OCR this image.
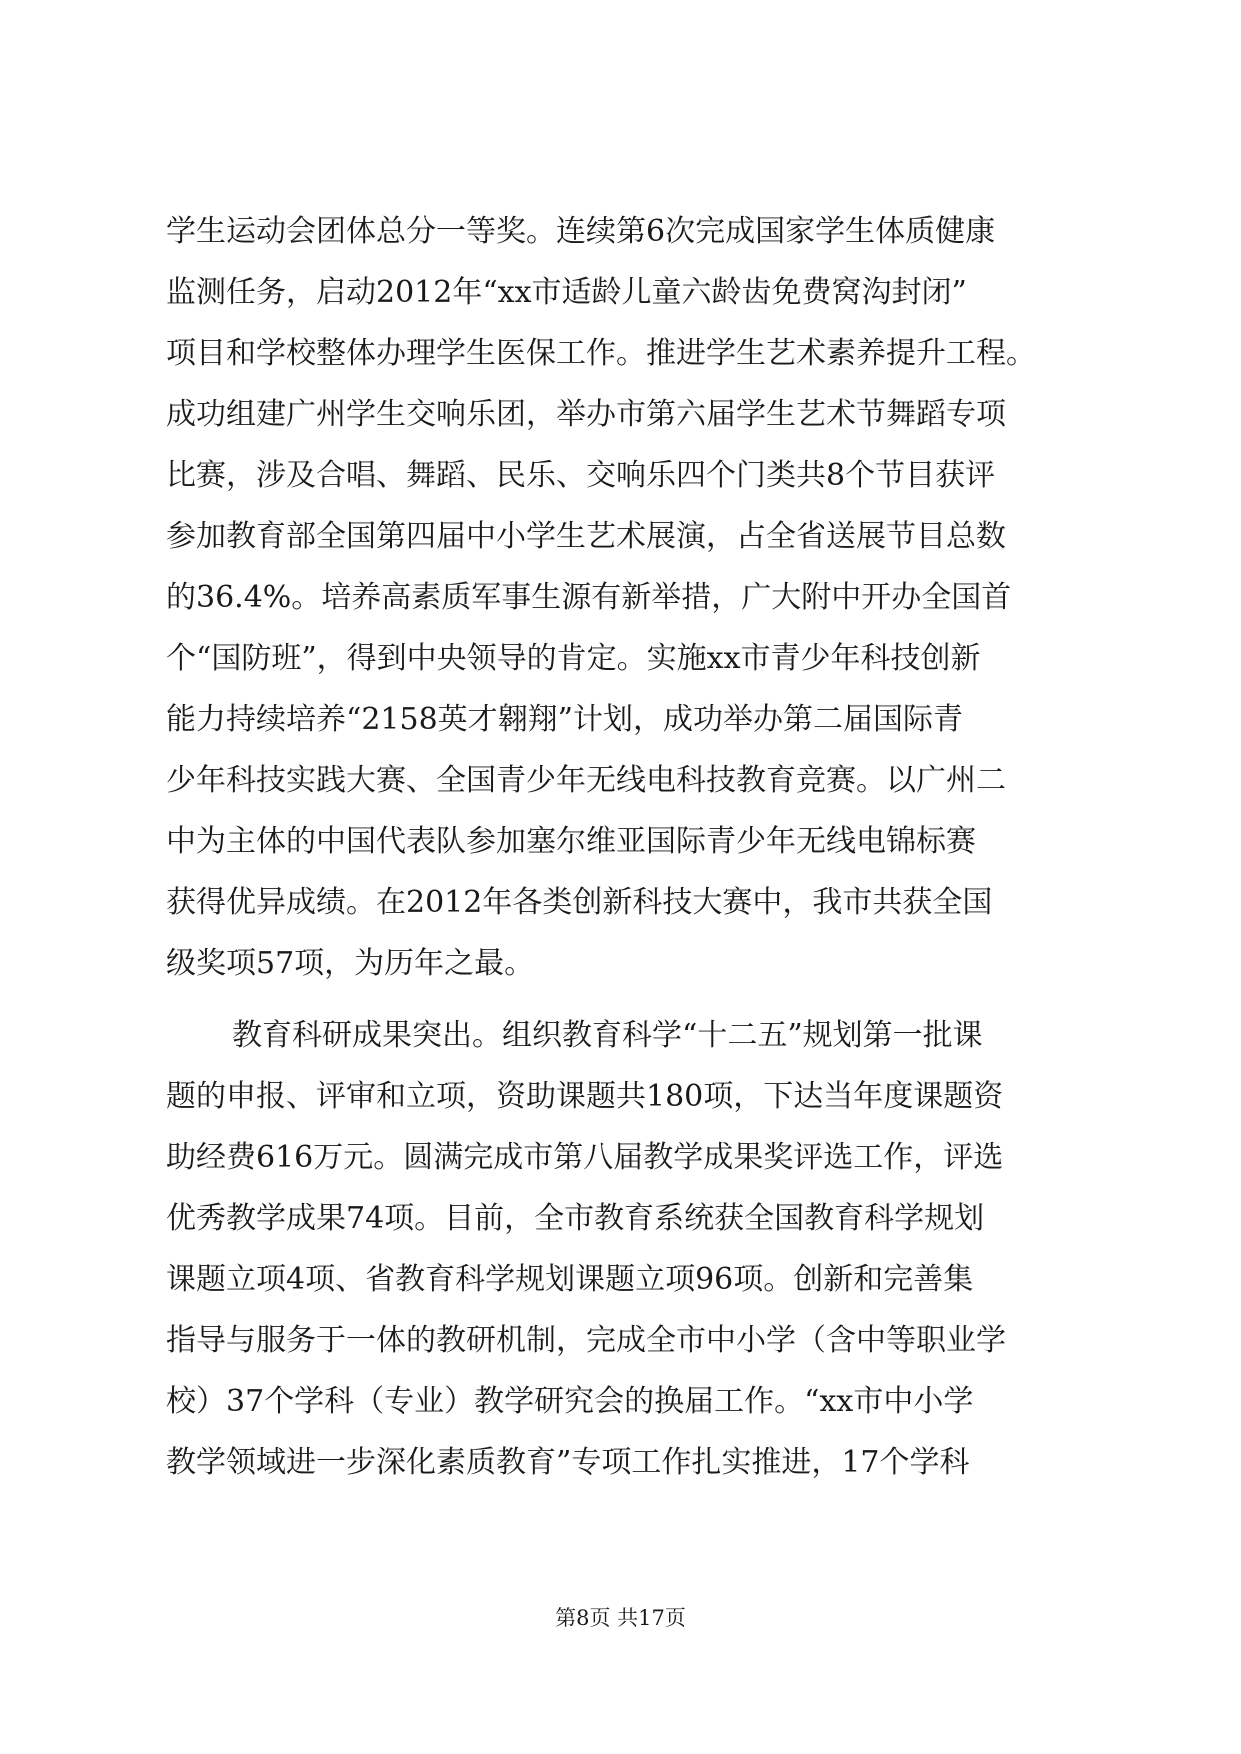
学生运动会团体总分一等奖。连续第6次完成国家学生体质健康
监测任务，启动2012年“xx市适龄儿童六龄齿免费窝沟封闭”
项目和学校整体办理学生医保工作。推进学生艺术素养提升工程。
成功组建广州学生交响乐团，举办市第六届学生艺术节舞蹈专项
比赛，涉及合唱、舞蹈、民乐、交响乐四个门类共8个节目获评
参加教育部全国第四届中小学生艺术展演，占全省送展节目总数
的36.4%。培养高素质军事生源有新举措，广大附中开办全国首
个“国防班”，得到中央领导的肯定。实施xx市青少年科技创新
能力持续培养“2158英才翱翔”计划，成功举办第二届国际青
少年科技实践大赛、全国青少年无线电科技教育竞赛。以广州二
中为主体的中国代表队参加塞尔维亚国际青少年无线电锦标赛
获得优异成绩。在2012年各类创新科技大赛中，我市共获全国
级奖项57项，为历年之最。
教育科研成果突出。组织教育科学“十二五”规划第一批课
题的申报、评审和立项，资助课题共180项，下达当年度课题资
助经费616万元。圆满完成市第八届教学成果奖评选工作，评选
优秀教学成果74项。目前，全市教育系统获全国教育科学规划
课题立项4项、省教育科学规划课题立项96项。创新和完善集
指导与服务于一体的教研机制，完成全市中小学（含中等职业学
校）37个学科（专业）教学研究会的换届工作。“xx市中小学
教学领域进一步深化素质教育”专项工作扎实推进，17个学科
第8页 共17页
